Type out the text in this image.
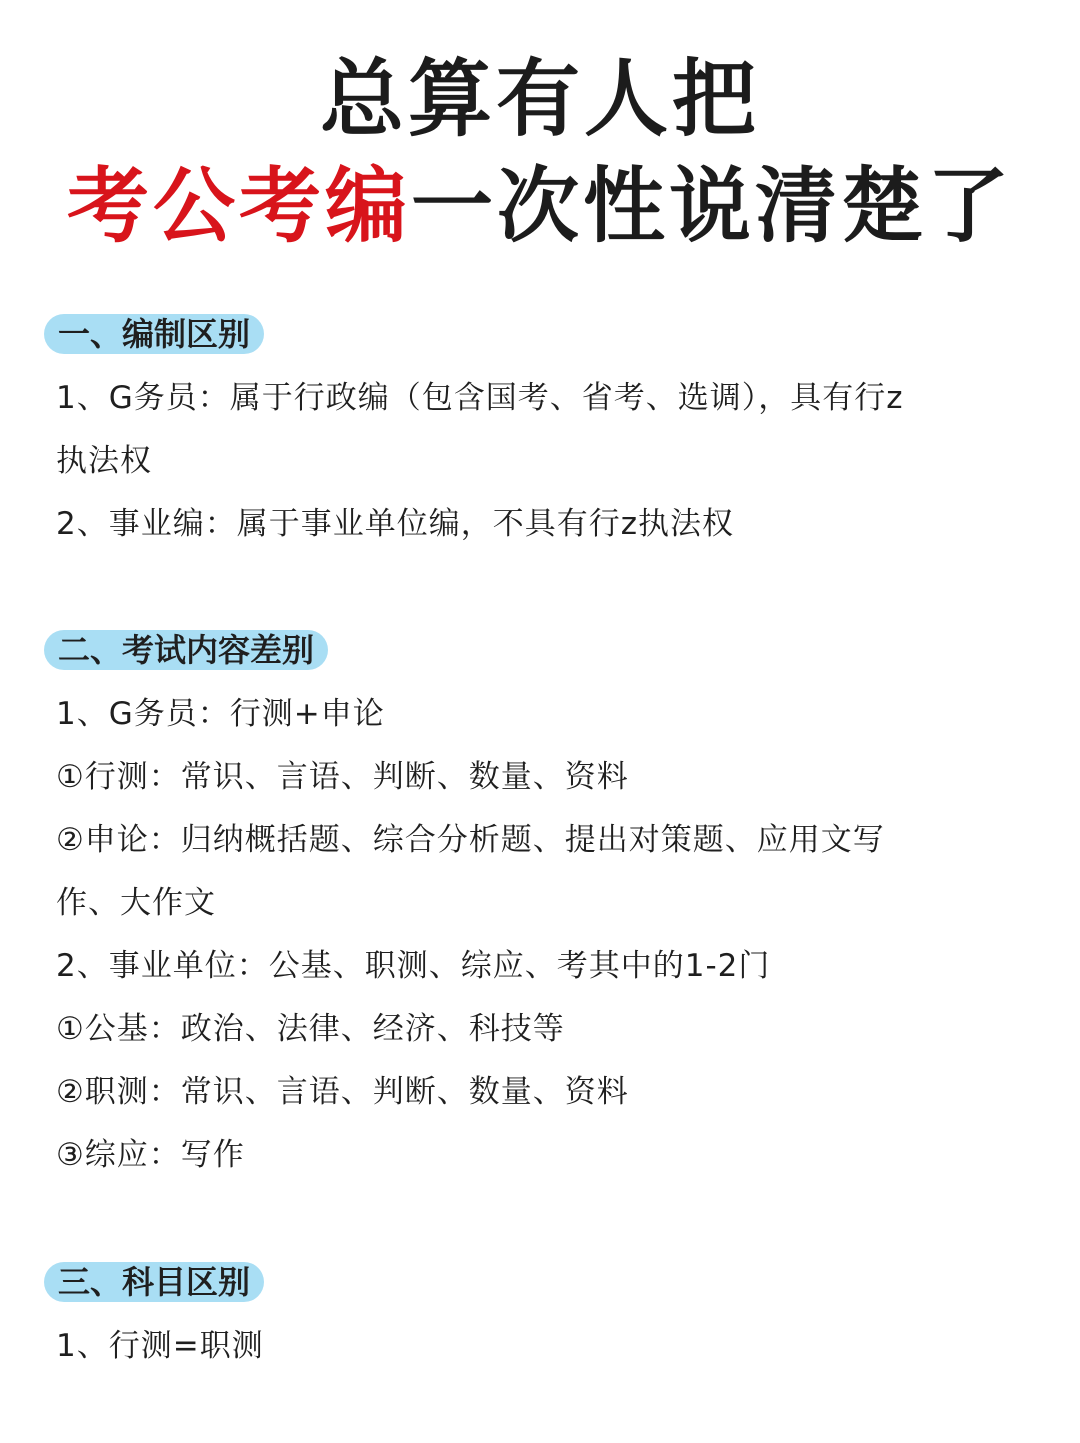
总算有人把
考公考编一次性说清楚了
一、编制区别
1、G务员：属于行政编（包含国考、省考、选调），具有行z
执法权
2、事业编：属于事业单位编，不具有行z执法权
二、考试内容差别
1、G务员：行测+申论
①行测：常识、言语、判断、数量、资料
②申论：归纳概括题、综合分析题、提出对策题、应用文写
作、大作文
2、事业单位：公基、职测、综应、考其中的1-2门
①公基：政治、法律、经济、科技等
②职测：常识、言语、判断、数量、资料
③综应：写作
三、科目区别
1、行测=职测
